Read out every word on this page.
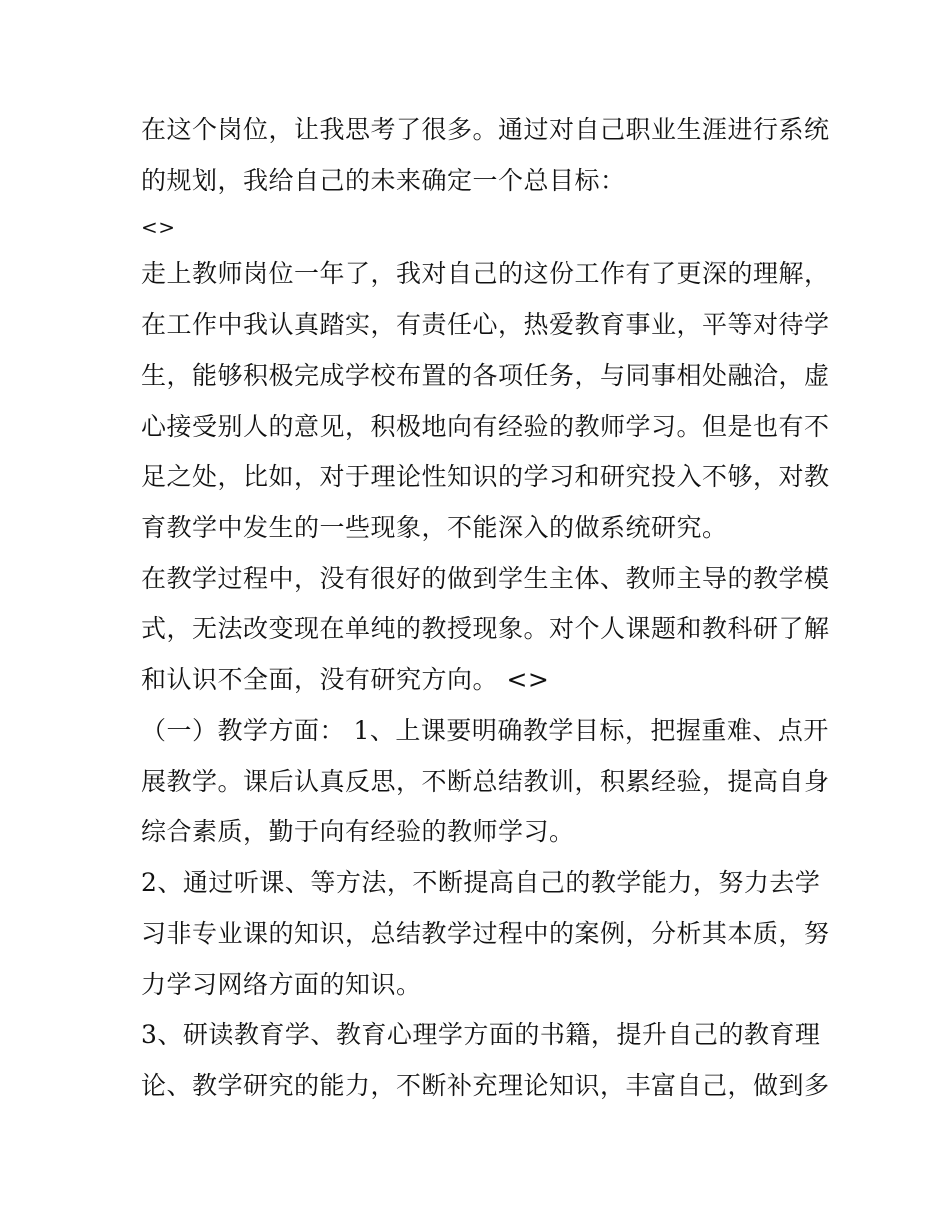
在这个岗位，让我思考了很多。通过对自己职业生涯进行系统
的规划，我给自己的未来确定一个总目标：
<>
走上教师岗位一年了，我对自己的这份工作有了更深的理解，
在工作中我认真踏实，有责任心，热爱教育事业，平等对待学
生，能够积极完成学校布置的各项任务，与同事相处融洽，虚
心接受别人的意见，积极地向有经验的教师学习。但是也有不
足之处，比如，对于理论性知识的学习和研究投入不够，对教
育教学中发生的一些现象，不能深入的做系统研究。
在教学过程中，没有很好的做到学生主体、教师主导的教学模
式，无法改变现在单纯的教授现象。对个人课题和教科研了解
和认识不全面，没有研究方向。 <>
（一）教学方面： 1、上课要明确教学目标，把握重难、点开
展教学。课后认真反思，不断总结教训，积累经验，提高自身
综合素质，勤于向有经验的教师学习。
2、通过听课、等方法，不断提高自己的教学能力，努力去学
习非专业课的知识，总结教学过程中的案例，分析其本质，努
力学习网络方面的知识。
3、研读教育学、教育心理学方面的书籍，提升自己的教育理
论、教学研究的能力，不断补充理论知识，丰富自己，做到多
